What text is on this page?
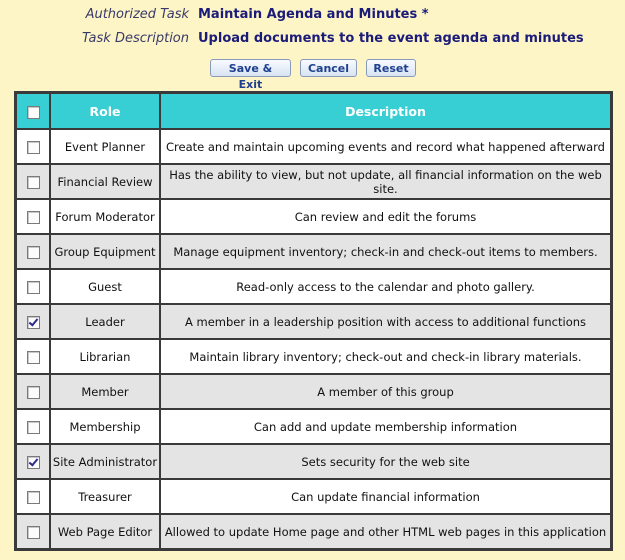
Authorized Task Maintain Agenda and Minutes *
Task Description Upload documents to the event agenda and minutes
Save & Exit
Cancel	Reset
	Role	Description
	Event Planner	Create and maintain upcoming events and record what happened afterward
	Financial Review	Has the ability to view, but not update, all financial information on the web site.
	Forum Moderator	Can review and edit the forums
	Group Equipment	Manage equipment inventory; check-in and check-out items to members.
	Guest	Read-only access to the calendar and photo gallery.
	Leader	A member in a leadership position with access to additional functions
	Librarian	Maintain library inventory; check-out and check-in library materials.
	Member	A member of this group
	Membership	Can add and update membership information
	Site Administrator	Sets security for the web site
	Treasurer	Can update financial information
	Web Page Editor	Allowed to update Home page and other HTML web pages in this application
